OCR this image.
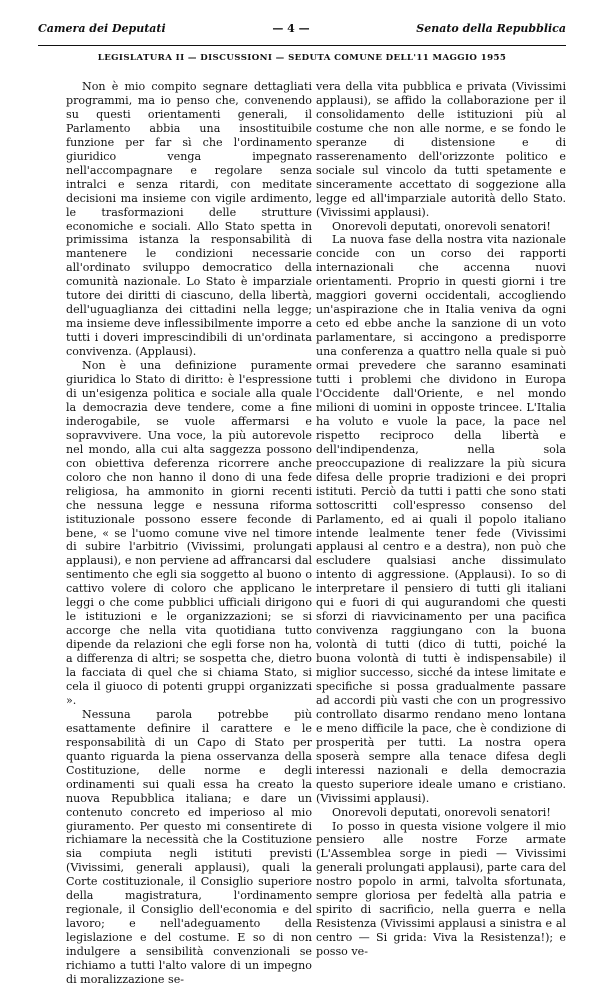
Camera dei Deputati	— 4 —	Senato della Repubblica
LEGISLATURA II — DISCUSSIONI — SEDUTA COMUNE DELL'11 MAGGIO 1955

Non è mio compito segnare dettagliati programmi, ma io penso che, convenendo su questi orientamenti generali, il Parlamento abbia una insostituibile funzione per far sì che l'ordinamento giuridico venga impegnato nell'accompagnare e regolare senza intralci e senza ritardi, con meditate decisioni ma insieme con vigile ardimento, le trasformazioni delle strutture economiche e sociali. Allo Stato spetta in primissima istanza la responsabilità di mantenere le condizioni necessarie all'ordinato sviluppo democratico della comunità nazionale. Lo Stato è imparziale tutore dei diritti di ciascuno, della libertà, dell'uguaglianza dei cittadini nella legge; ma insieme deve inflessibilmente imporre a tutti i doveri imprescindibili di un'ordinata convivenza. (Applausi).

Non è una definizione puramente giuridica lo Stato di diritto: è l'espressione di un'esigenza politica e sociale alla quale la democrazia deve tendere, come a fine inderogabile, se vuole affermarsi e sopravvivere. Una voce, la più autorevole nel mondo, alla cui alta saggezza possono con obiettiva deferenza ricorrere anche coloro che non hanno il dono di una fede religiosa, ha ammonito in giorni recenti che nessuna legge e nessuna riforma istituzionale possono essere feconde di bene, « se l'uomo comune vive nel timore di subire l'arbitrio (Vivissimi, prolungati applausi), e non perviene ad affrancarsi dal sentimento che egli sia soggetto al buono o cattivo volere di coloro che applicano le leggi o che come pubblici ufficiali dirigono le istituzioni e le organizzazioni; se si accorge che nella vita quotidiana tutto dipende da relazioni che egli forse non ha, a differenza di altri; se sospetta che, dietro la facciata di quel che si chiama Stato, si cela il giuoco di potenti gruppi organizzati ».

Nessuna parola potrebbe più esattamente definire il carattere e le responsabilità di un Capo di Stato per quanto riguarda la piena osservanza della Costituzione, delle norme e degli ordinamenti sui quali essa ha creato la nuova Repubblica italiana; e dare un contenuto concreto ed imperioso al mio giuramento. Per questo mi consentirete di richiamare la necessità che la Costituzione sia compiuta negli istituti previsti (Vivissimi, generali applausi), quali la Corte costituzionale, il Consiglio superiore della magistratura, l'ordinamento regionale, il Consiglio dell'economia e del lavoro; e nell'adeguamento della legislazione e del costume. E so di non indulgere a sensibilità convenzionali se richiamo a tutti l'alto valore di un impegno di moralizzazione se-

vera della vita pubblica e privata (Vivissimi applausi), se affido la collaborazione per il consolidamento delle istituzioni più al costume che non alle norme, e se fondo le speranze di distensione e di rasserenamento dell'orizzonte politico e sociale sul vincolo da tutti spetamente e sinceramente accettato di soggezione alla legge ed all'imparziale autorità dello Stato. (Vivissimi applausi).

Onorevoli deputati, onorevoli senatori!

La nuova fase della nostra vita nazionale concide con un corso dei rapporti internazionali che accenna nuovi orientamenti. Proprio in questi giorni i tre maggiori governi occidentali, accogliendo un'aspirazione che in Italia veniva da ogni ceto ed ebbe anche la sanzione di un voto parlamentare, si accingono a predisporre una conferenza a quattro nella quale si può ormai prevedere che saranno esaminati tutti i problemi che dividono in Europa l'Occidente dall'Oriente, e nel mondo milioni di uomini in opposte trincee. L'Italia ha voluto e vuole la pace, la pace nel rispetto reciproco della libertà e dell'indipendenza, nella sola preoccupazione di realizzare la più sicura difesa delle proprie tradizioni e dei propri istituti. Perciò da tutti i patti che sono stati sottoscritti coll'espresso consenso del Parlamento, ed ai quali il popolo italiano intende lealmente tener fede (Vivissimi applausi al centro e a destra), non può che escludere qualsiasi anche dissimulato intento di aggressione. (Applausi). Io so di interpretare il pensiero di tutti gli italiani qui e fuori di qui augurandomi che questi sforzi di riavvicinamento per una pacifica convivenza raggiungano con la buona volontà di tutti (dico di tutti, poiché la buona volontà di tutti è indispensabile) il miglior successo, sicché da intese limitate e specifiche si possa gradualmente passare ad accordi più vasti che con un progressivo controllato disarmo rendano meno lontana e meno difficile la pace, che è condizione di prosperità per tutti. La nostra opera sposerà sempre alla tenace difesa degli interessi nazionali e della democrazia questo superiore ideale umano e cristiano. (Vivissimi applausi).

Onorevoli deputati, onorevoli senatori!

Io posso in questa visione volgere il mio pensiero alle nostre Forze armate (L'Assemblea sorge in piedi — Vivissimi generali prolungati applausi), parte cara del nostro popolo in armi, talvolta sfortunata, sempre gloriosa per fedeltà alla patria e spirito di sacrificio, nella guerra e nella Resistenza (Vivissimi applausi a sinistra e al centro — Si grida: Viva la Resistenza!); e posso ve-
